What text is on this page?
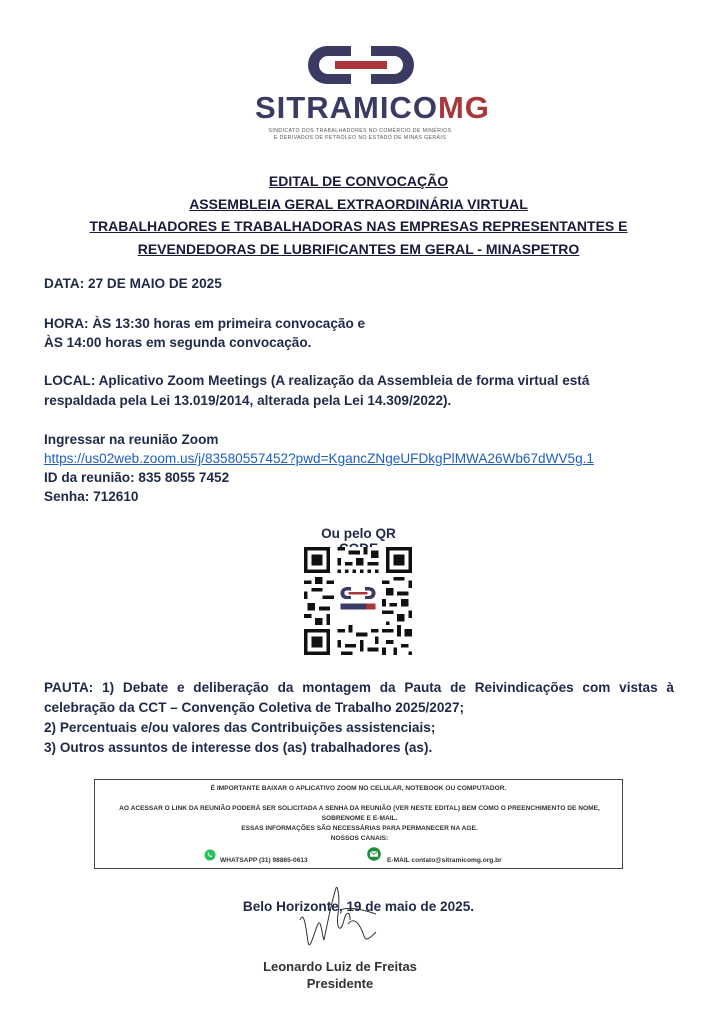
SITRAMICOMG
SINDICATO DOS TRABALHADORES NO COMÉRCIO DE MINÉRIOS
E DERIVADOS DE PETRÓLEO NO ESTADO DE MINAS GERAIS
EDITAL DE CONVOCAÇÃO
ASSEMBLEIA GERAL EXTRAORDINÁRIA VIRTUAL
TRABALHADORES E TRABALHADORAS NAS EMPRESAS REPRESENTANTES E
REVENDEDORAS DE LUBRIFICANTES EM GERAL - MINASPETRO
DATA: 27 DE MAIO DE 2025
HORA: ÀS 13:30 horas em primeira convocação e
ÀS 14:00 horas em segunda convocação.
LOCAL: Aplicativo Zoom Meetings (A realização da Assembleia de forma virtual está
respaldada pela Lei 13.019/2014, alterada pela Lei 14.309/2022).
Ingressar na reunião Zoom
https://us02web.zoom.us/j/83580557452?pwd=KgancZNgeUFDkgPlMWA26Wb67dWV5g.1
ID da reunião: 835 8055 7452
Senha: 712610
Ou pelo QR
PAUTA: 1) Debate e deliberação da montagem da Pauta de Reivindicações com vistas à celebração da CCT – Convenção Coletiva de Trabalho 2025/2027;
2) Percentuais e/ou valores das Contribuições assistenciais;
3) Outros assuntos de interesse dos (as) trabalhadores (as).
É IMPORTANTE BAIXAR O APLICATIVO ZOOM NO CELULAR, NOTEBOOK OU COMPUTADOR.
AO ACESSAR O LINK DA REUNIÃO PODERÁ SER SOLICITADA A SENHA DA REUNIÃO (VER NESTE EDITAL) BEM COMO O PREENCHIMENTO DE NOME, SOBRENOME E E-MAIL.
ESSAS INFORMAÇÕES SÃO NECESSÁRIAS PARA PERMANECER NA AGE.
NOSSOS CANAIS:
WHATSAPP (31) 98865-0613	E-MAIL contato@sitramicomg.org.br
Belo Horizonte, 19 de maio de 2025.
Leonardo Luiz de Freitas
Presidente
